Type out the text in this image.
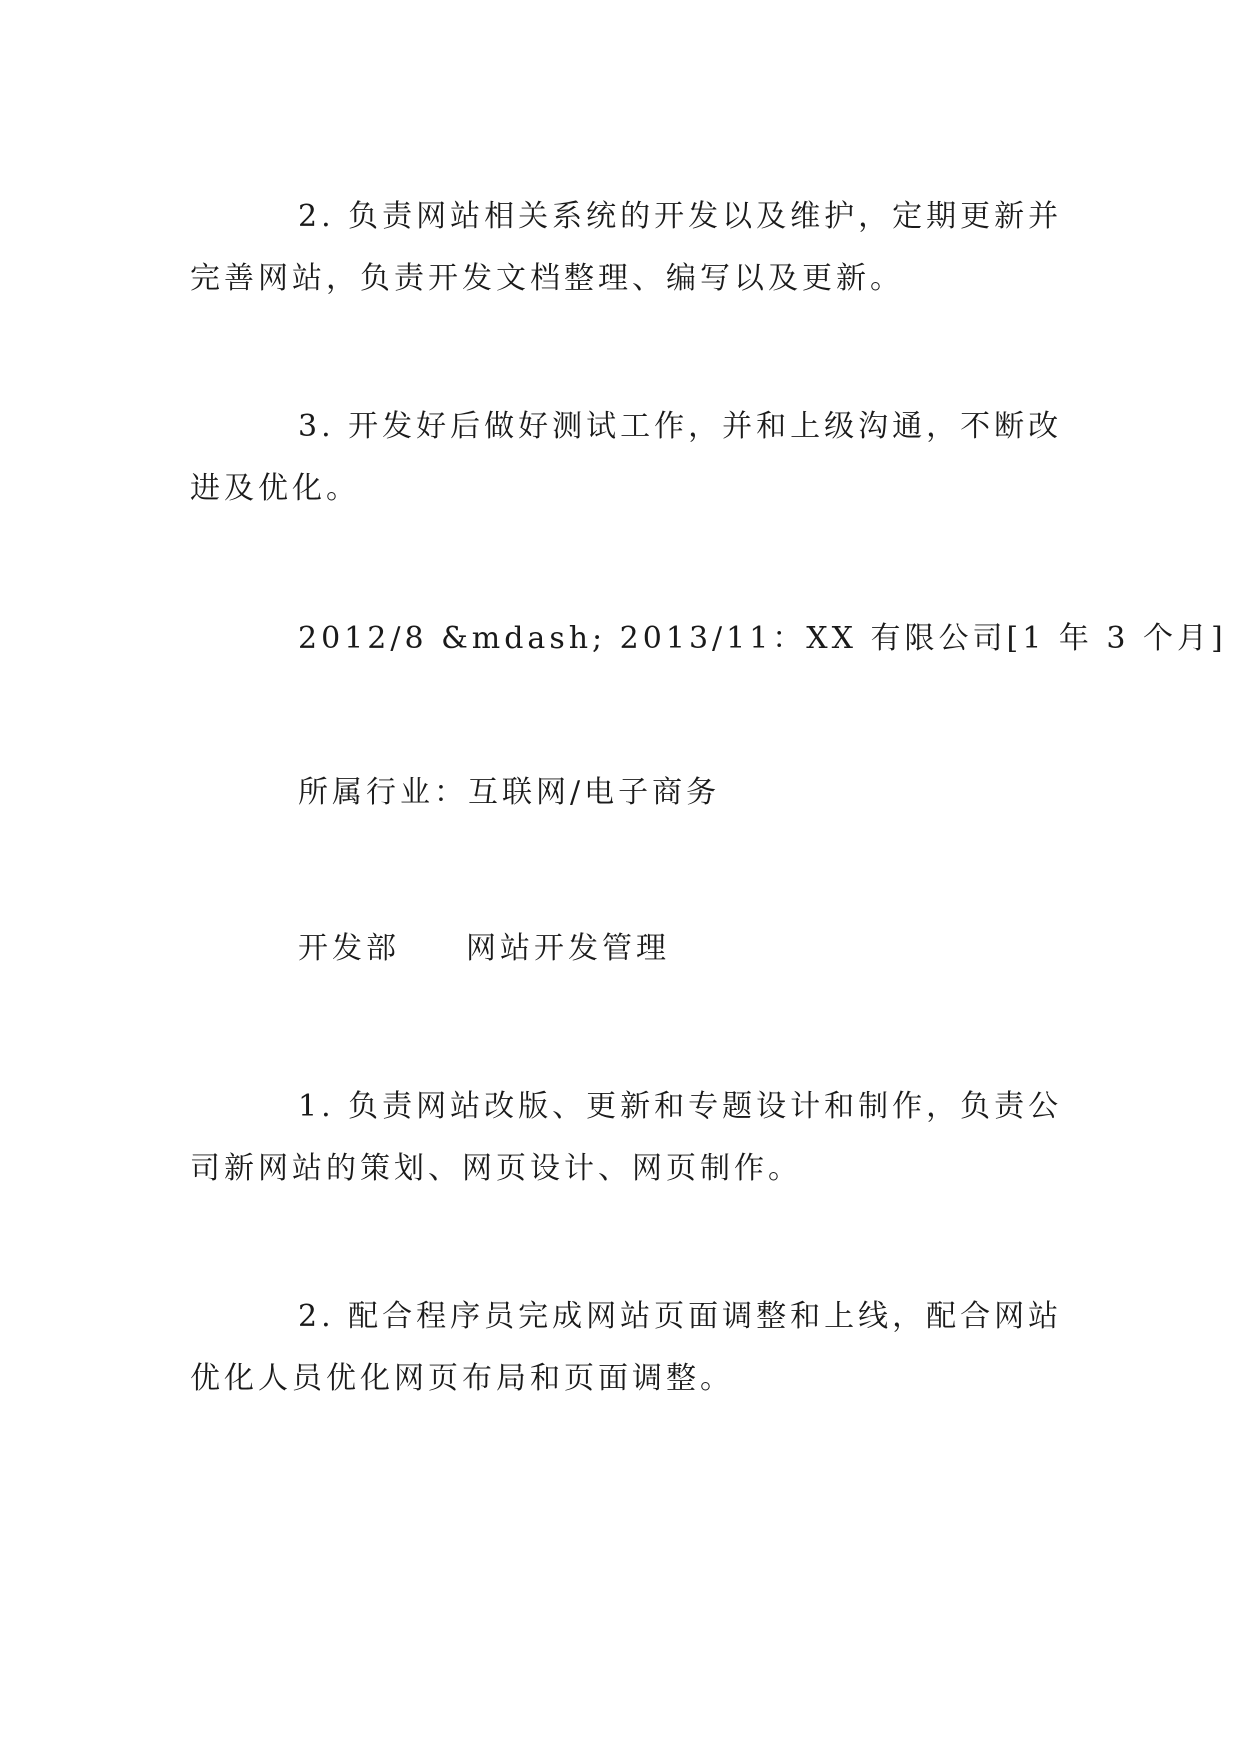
2. 负责网站相关系统的开发以及维护，定期更新并
完善网站，负责开发文档整理、编写以及更新。

3. 开发好后做好测试工作，并和上级沟通，不断改
进及优化。

2012/8 &mdash; 2013/11：XX 有限公司[1 年 3 个月]

所属行业：互联网/电子商务

开发部 网站开发管理

1. 负责网站改版、更新和专题设计和制作，负责公
司新网站的策划、网页设计、网页制作。

2. 配合程序员完成网站页面调整和上线，配合网站
优化人员优化网页布局和页面调整。
